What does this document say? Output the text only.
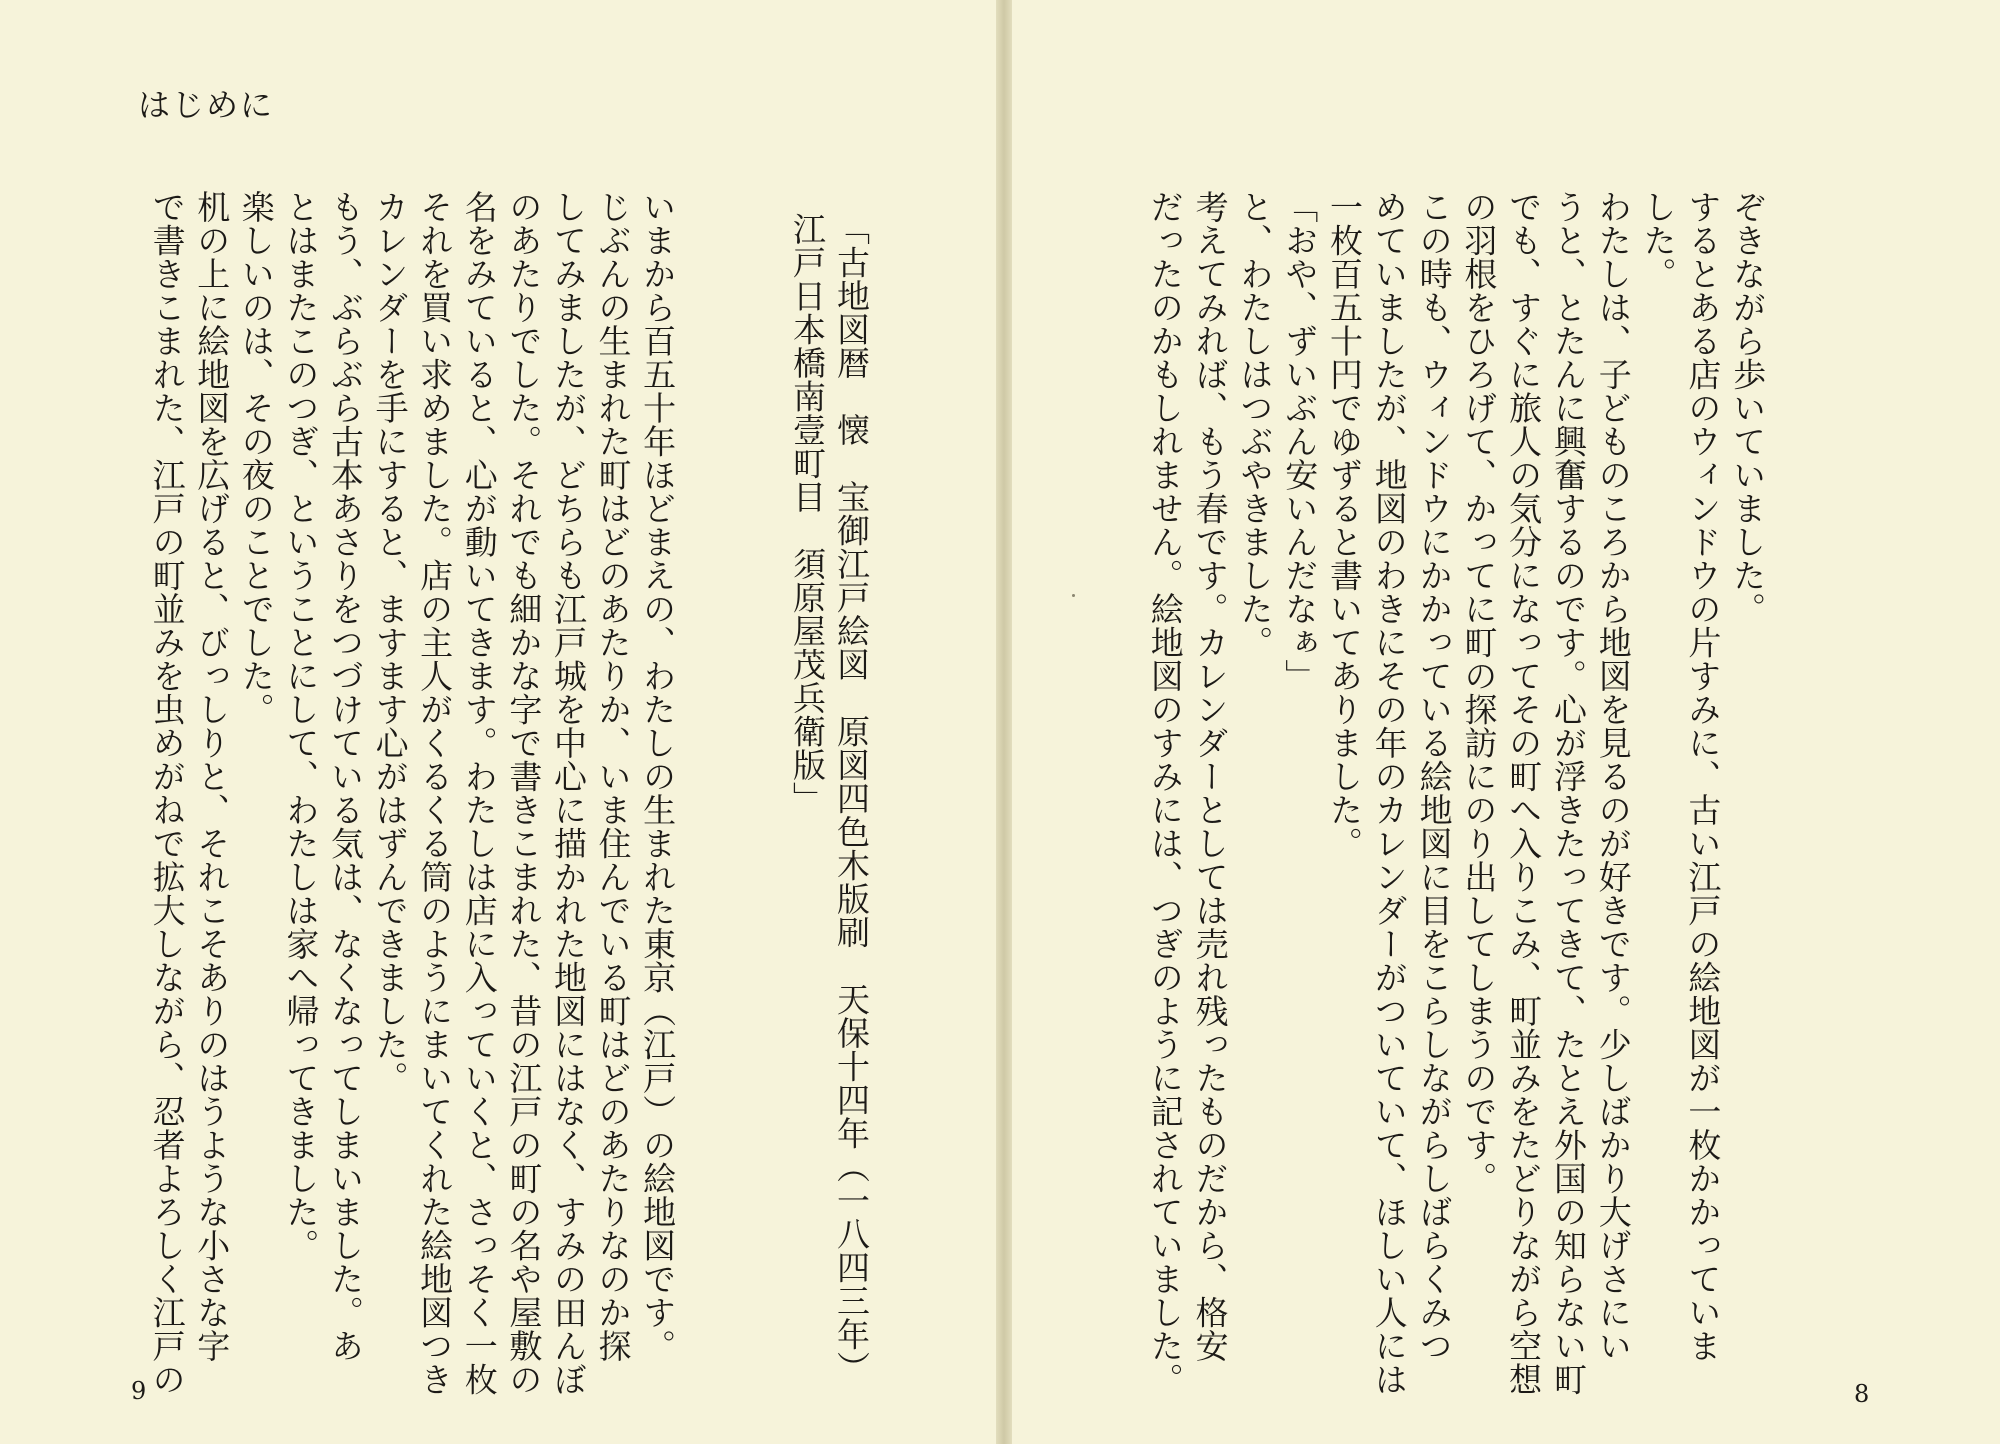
はじめに
「古地図暦　懐　宝御江戸絵図　原図四色木版刷　天保十四年（一八四三年）
江戸日本橋南壹町目　須原屋茂兵衛版」
いまから百五十年ほどまえの、わたしの生まれた東京（江戸）の絵地図です。
じぶんの生まれた町はどのあたりか、いま住んでいる町はどのあたりなのか探
してみましたが、どちらも江戸城を中心に描かれた地図にはなく、すみの田んぼ
のあたりでした。それでも細かな字で書きこまれた、昔の江戸の町の名や屋敷の
名をみていると、心が動いてきます。わたしは店に入っていくと、さっそく一枚
それを買い求めました。店の主人がくるくる筒のようにまいてくれた絵地図つき
カレンダーを手にすると、ますます心がはずんできました。
もう、ぶらぶら古本あさりをつづけている気は、なくなってしまいました。あ
とはまたこのつぎ、ということにして、わたしは家へ帰ってきました。
楽しいのは、その夜のことでした。
机の上に絵地図を広げると、びっしりと、それこそありのはうような小さな字
で書きこまれた、江戸の町並みを虫めがねで拡大しながら、忍者よろしく江戸の
9
ぞきながら歩いていました。
するとある店のウィンドウの片すみに、古い江戸の絵地図が一枚かかっていま
した。
わたしは、子どものころから地図を見るのが好きです。少しばかり大げさにい
うと、とたんに興奮するのです。心が浮きたってきて、たとえ外国の知らない町
でも、すぐに旅人の気分になってその町へ入りこみ、町並みをたどりながら空想
の羽根をひろげて、かってに町の探訪にのり出してしまうのです。
この時も、ウィンドウにかかっている絵地図に目をこらしながらしばらくみつ
めていましたが、地図のわきにその年のカレンダーがついていて、ほしい人には
一枚百五十円でゆずると書いてありました。
「おや、ずいぶん安いんだなぁ」
と、わたしはつぶやきました。
考えてみれば、もう春です。カレンダーとしては売れ残ったものだから、格安
だったのかもしれません。絵地図のすみには、つぎのように記されていました。	8
